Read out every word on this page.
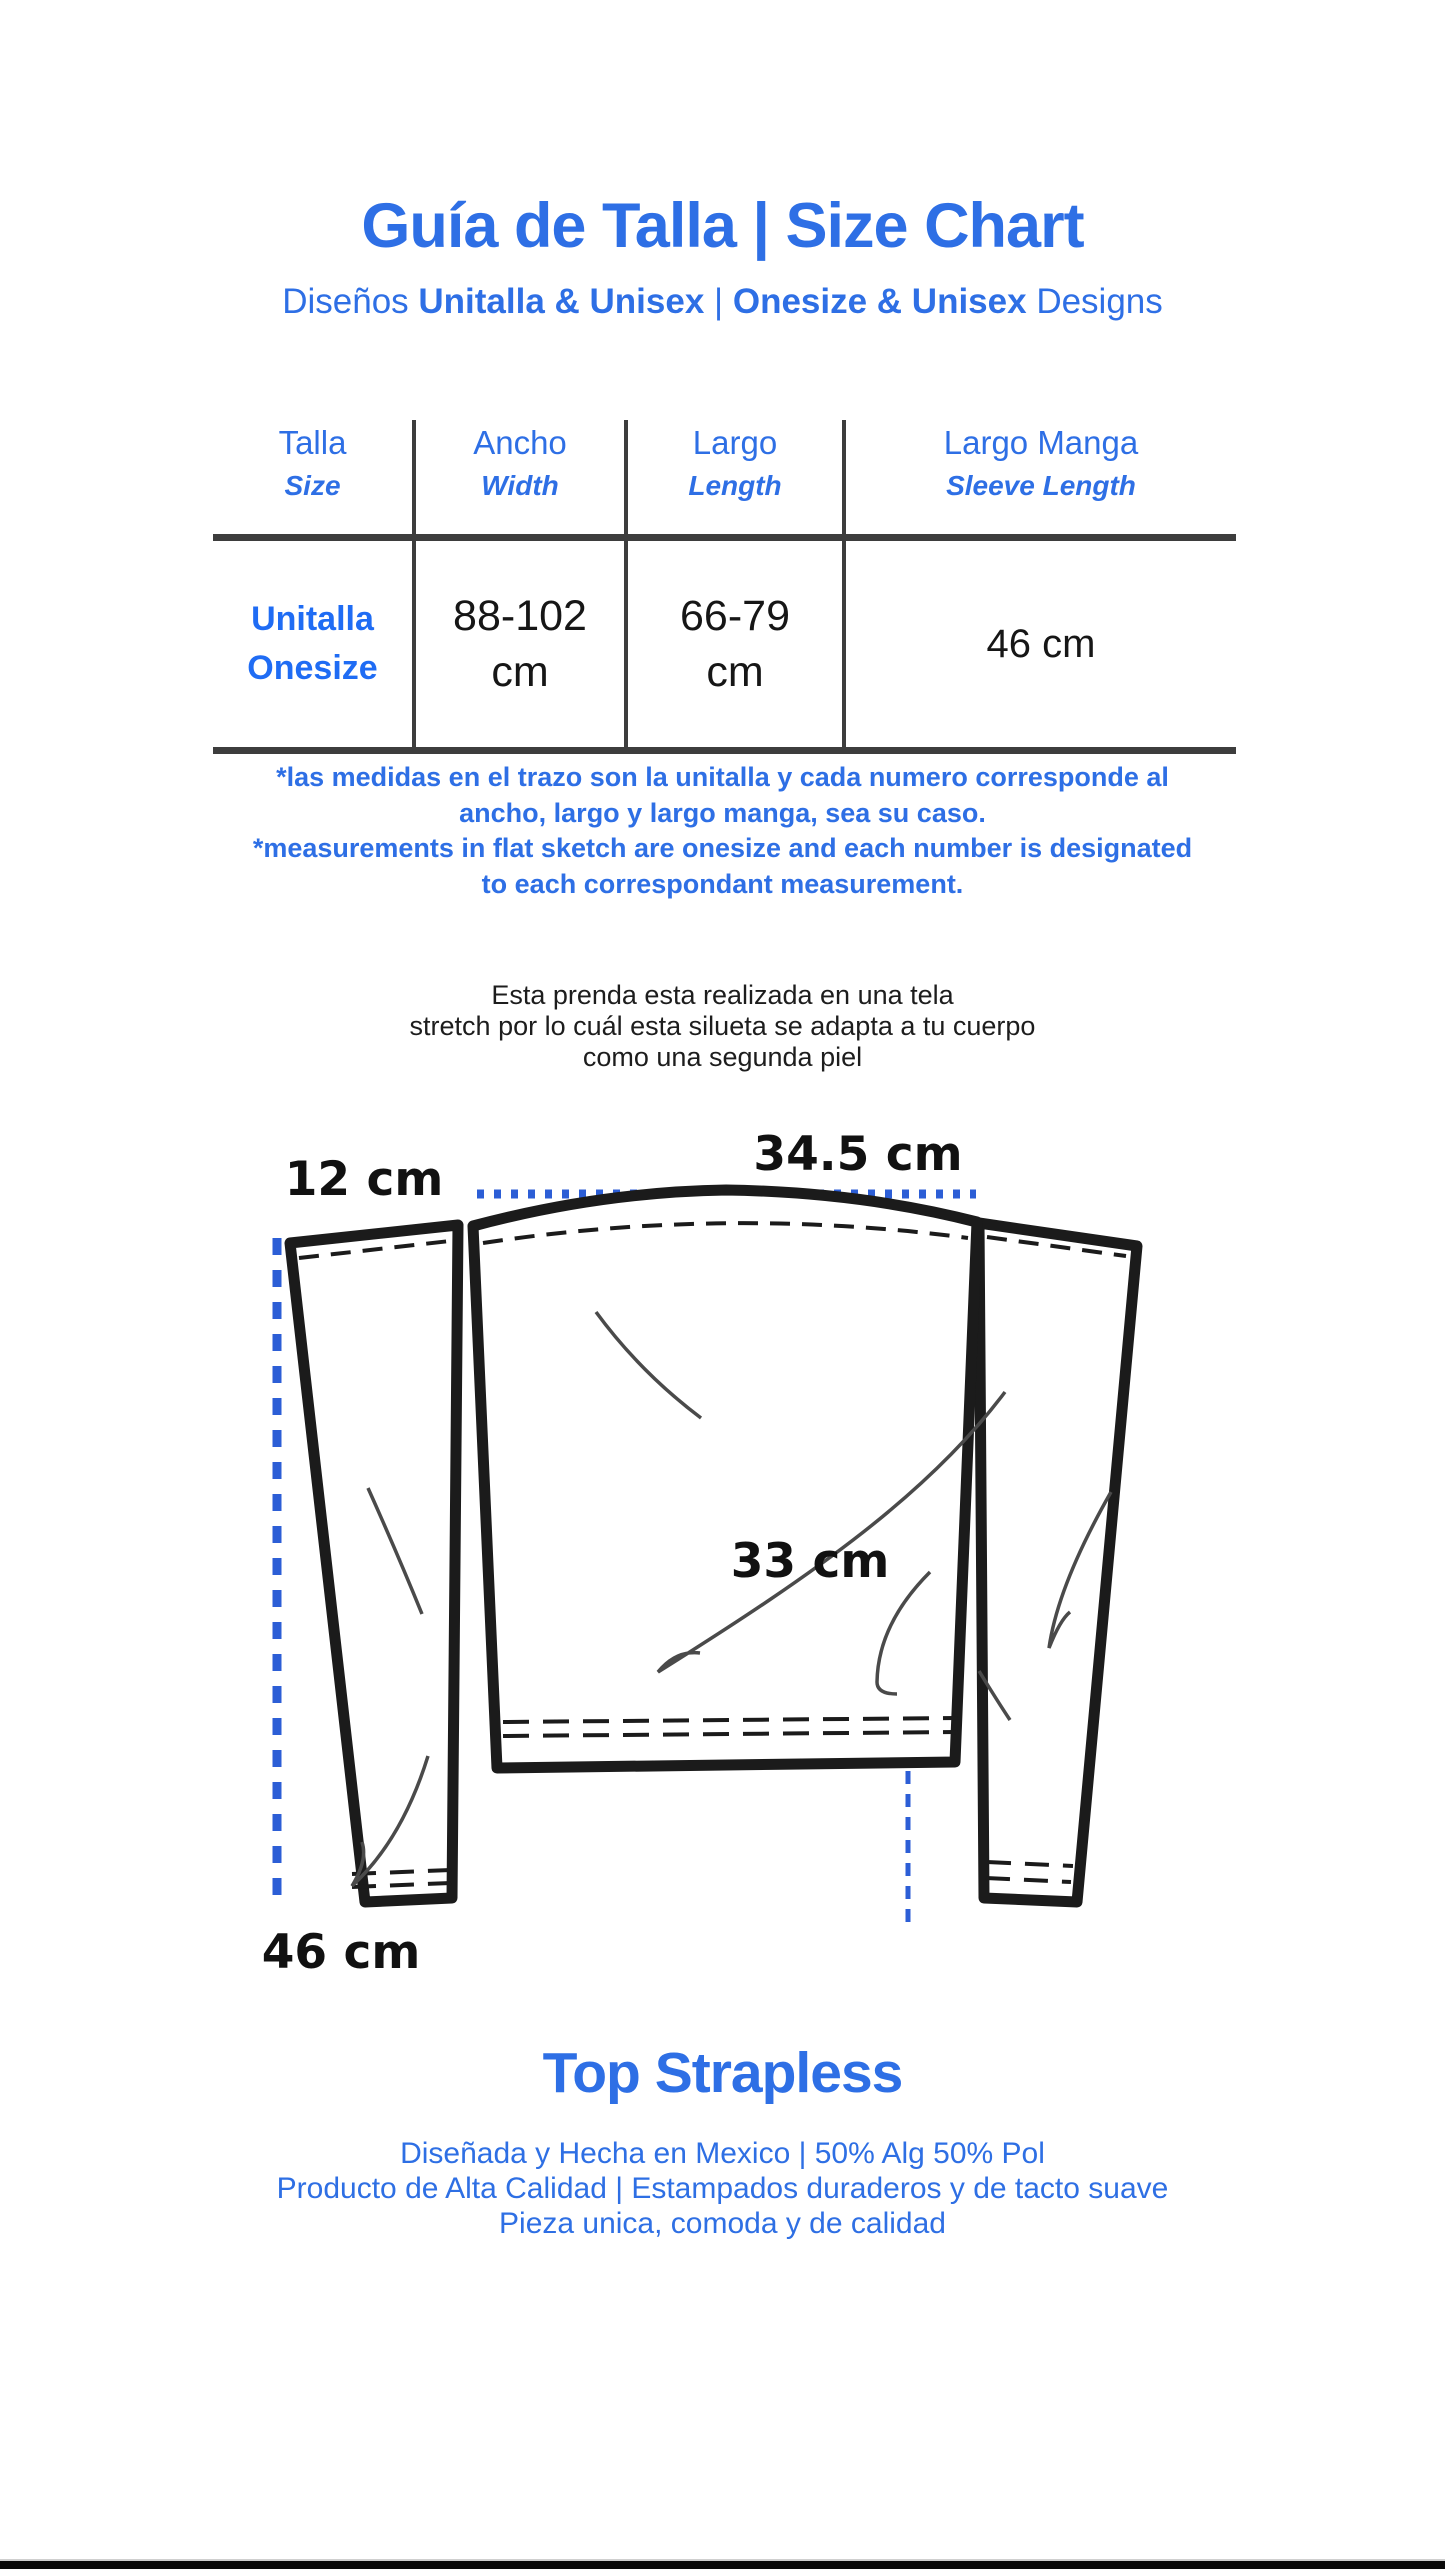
Guía de Talla | Size Chart
Diseños Unitalla & Unisex | Onesize & Unisex Designs
Talla
Size
Ancho
Width
Largo
Length
Largo Manga
Sleeve Length
Unitalla
Onesize
88-102
cm
66-79
cm
46 cm
*las medidas en el trazo son la unitalla y cada numero corresponde al
ancho, largo y largo manga, sea su caso.
*measurements in flat sketch are onesize and each number is designated
to each correspondant measurement.
Esta prenda esta realizada en una tela
stretch por lo cuál esta silueta se adapta a tu cuerpo
como una segunda piel
12 cm	34.5 cm
33 cm
46 cm
Top Strapless
Diseñada y Hecha en Mexico | 50% Alg 50% Pol
Producto de Alta Calidad | Estampados duraderos y de tacto suave
Pieza unica, comoda y de calidad
